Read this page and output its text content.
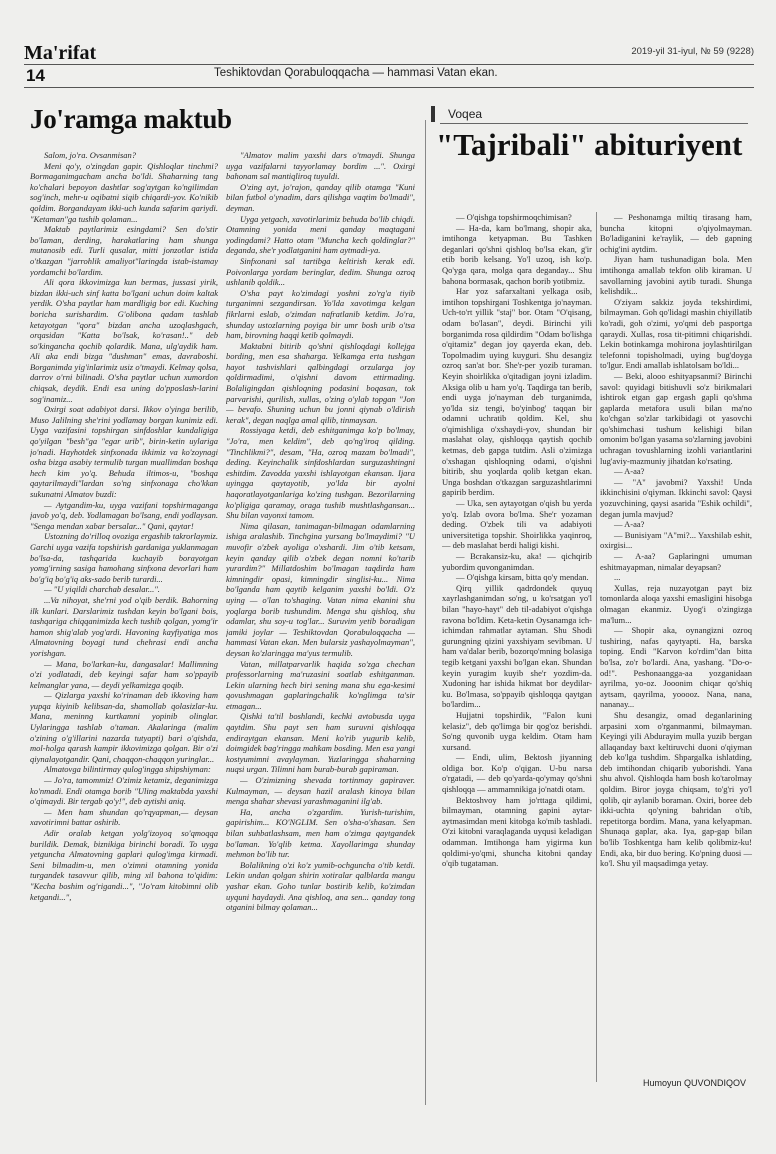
Ma'rifat	2019-yil 31-iyul, № 59 (9228)
14	Teshiktovdan Qorabuloqqacha — hammasi Vatan ekan.
Jo'ramga maktub	Voqea
"Tajribali" abituriyent

Salom, jo'ra. Ovsanmisan?

Meni qo'y, o'zingdan gapir. Qishloqlar tinchmi? Bormaganimgacham ancha bo'ldi. Shaharning tang ko'chalari bepoyon dashtlar sog'aytgan ko'ngilimdan sog'inch, mehr-u oqibatni siqib chiqardi-yov. Ko'nikib qoldim. Borgandayam ikki-uch kunda safarim qariydi. "Ketaman"ga tushib qolaman...

Maktab paytlarimiz esingdami? Sen do'stir bo'laman, derding, harakatlaring ham shunga mutanosib edi. Turli qusalar, mitti jonzotlar istida o'tkazgan "jarrohlik amaliyot"laringda istab-istamay yordamchi bo'lardim.

Ali qora ikkovimizga kun bermas, jussasi yirik, bizdan ikki-uch sinf katta bo'lgani uchun doim kaltak yerdik. O'sha paytlar ham mardligig bor edi. Kuching boricha surishardim. G'olibona qadam tashlab ketayotgan "qora" bizdan ancha uzoqlashgach, orqasidan "Katta bo'lsak, ko'rasan!.." deb so'kingancha qochib qolardik. Mana, ulg'aydik ham. Ali aka endi bizga "dushman" emas, davraboshi. Borganimda yig'inlarimiz usiz o'tmaydi. Kelmay qolsa, darrov o'rni bilinadi. O'sha paytlar uchun xumordon chiqsak, deydik. Endi esa uning do'pposlash-larini sog'inamiz...

Oxirgi soat adabiyot darsi. Ikkov o'yinga berilib, Muso Jalilning she'rini yodlamay borgan kunimiz edi. Uyga vazifasini topshirgan sinfdoshlar kundaligiga qo'yilgan "besh"ga "egar urib", birin-ketin uylariga jo'nadi. Hayhotdek sinfxonada ikkimiz va ko'zoynagi osha bizga asabiy termulib turgan muallimdan boshqa hech kim yo'q. Behuda iltimos-u, "boshqa qaytarilmaydi"lardan so'ng sinfxonaga cho'kkan sukunatni Almatov buzdi:

— Aytgandim-ku, uyga vazifani topshirmaganga javob yo'q, deb. Yodlamagan bo'lsang, endi yodlaysan. "Senga mendan xabar bersalar..." Qani, qaytar!

Ustozning do'rilloq ovoziga ergashib takrorlaymiz. Garchi uyga vazifa topshirish gardaniga yuklanmagan bo'lsa-da, tashqarida kuchayib borayotgan yomg'irning sasiga hamohang sinfxona devorlari ham bo'g'iq bo'g'iq aks-sado berib turardi...

— "U yiqildi charchab desalar...".

...Va nihoyat, she'rni yod o'qib berdik. Bahorning ilk kunlari. Darslarimiz tushdan keyin bo'lgani bois, tashqariga chiqqanimizda kech tushib qolgan, yomg'ir hamon shig'alab yog'ardi. Havoning kayfiyatiga mos Almatovning boyagi tund chehrasi endi ancha yorishgan.

— Mana, bo'larkan-ku, dangasalar! Mallimning o'zi yodlatadi, deb keyingi safar ham so'ppayib kelmanglar yana, — deydi yelkamizga qoqib.

— Qizlarga yaxshi ko'rinaman deb ikkoving ham yupqa kiyinib kelibsan-da, shamollab qolasizlar-ku. Mana, meninng kurtkamni yopinib olinglar. Uylaringga tashlab o'taman. Akalaringa (malim o'zining o'g'illarini nazarda tutyapti) bari o'qishda, mol-holga qarash kampir ikkovimizga qolgan. Bir o'zi qiynalayotgandir. Qani, chaqqon-chaqqon yuringlar...

Almatovga bilintirmay qulog'ingga shipshiyman:

— Jo'ra, tamommiz! O'zimiz ketamiz, deganimizga ko'nmadi. Endi otamga borib "Uling maktabda yaxshi o'qimaydi. Bir tergab qo'y!", deb aytishi aniq.

— Men ham shundan qo'rqyapman,— deysan xavotirimni battar oshirib.

Adir oralab ketgan yolg'izoyoq so'qmoqqa burildik. Demak, biznikiga birinchi boradi. To uyga yetguncha Almatovning gaplari qulog'imga kirmadi. Seni bilmadim-u, men o'zimni otamning yonida turgandek tasavvur qilib, ming xil bahona to'qidim: "Kecha boshim og'rigandi...", "Jo'ram kitobimni olib ketgandi...",

"Almatov malim yaxshi dars o'tmaydi. Shunga uyga vazifalarni tayyorlamay bordim ...". Oxirgi bahonam sal mantiqliroq tuyuldi.

O'zing ayt, jo'rajon, qanday qilib otamga "Kuni bilan futbol o'ynadim, dars qilishga vaqtim bo'lmadi", deyman.

Uyga yetgach, xavotirlarimiz behuda bo'lib chiqdi. Otamning yonida meni qanday maqtagani yodingdami? Hatto otam "Muncha kech qoldinglar?" deganda, she'r yodlatganini ham aytmadi-ya.

Sinfxonani sal tartibga keltirish kerak edi. Poivonlarga yordam beringlar, dedim. Shunga ozroq ushlanib qoldik...

O'sha payt ko'zimdagi yoshni zo'rg'a tiyib turganimni sezgandirsan. Yo'lda xavotimga kelgan fikrlarni eslab, o'zimdan nafratlanib ketdim. Jo'ra, shunday ustozlarning poyiga bir umr bosh urib o'tsa ham, birovning haqqi ketib qolmaydi.

Maktabni bitirib qo'shni qishloqdagi kollejga bording, men esa shaharga. Yelkamga erta tushgan hayot tashvishlari qalbingdagi orzularga joy qoldirmadimi, o'qishni davom ettirmading. Bolaligingdan qishloqning podasini boqasan, tok parvarishi, qurilish, xullas, o'zing o'ylab topgan "Jon — bevafo. Shuning uchun bu jonni qiynab o'ldirish kerak", degan naqlga amal qilib, tinmaysan.

Rossiyaga ketdi, deb eshitganimga ko'p bo'lmay, "Jo'ra, men keldim", deb qo'ng'iroq qilding. "Tinchlikmi?", desam, "Ha, ozroq mazam bo'lmadi", deding. Keyinchalik sinfdoshlardan surguzashtingni eshitdim. Zavodda yaxshi ishlayotgan ekansan. Ijara uyingga qaytayotib, yo'lda bir ayolni haqoratlayotganlariga ko'zing tushgan. Bezorilarning ko'pligiga qaramay, oraga tushib mushtlashgansan... Shu bilan vayonxi tamom.

Nima qilasan, tanimagan-bilmagan odamlarning ishiga aralashib. Tinchgina yursang bo'lmaydimi? "U muvofir o'zbek ayoliga o'xshardi. Jim o'tib ketsam, keyin qanday qilib o'zbek degan nomni ko'tarib yurardim?" Millatdoshim bo'lmagan taqdirda ham kimningdir opasi, kimningdir singlisi-ku... Nima bo'lganda ham qaytib kelganim yaxshi bo'ldi. O'z uying — o'lan to'shaging. Vatan nima ekanini shu yoqlarga borib tushundim. Menga shu qishloq, shu odamlar, shu soy-u tog'lar... Suruvim yetib boradigan jamiki joylar — Teshiktovdan Qorabuloqqacha — hammasi Vatan ekan. Men bularsiz yashayolmayman", deysan ko'zlaringga ma'yus termulib.

Vatan, millatparvarlik haqida so'zga chechan professorlarning ma'ruzasini soatlab eshitganman. Lekin ularning hech biri sening mana shu ega-kesimi qovushmagan gaplaringchalik ko'nglimga ta'sir etmagan...

Qishki ta'til boshlandi, kechki avtobusda uyga qaytdim. Shu payt sen ham suruvni qishloqqa endiraytgan ekansan. Meni ko'rib yugurib kelib, doimgidek bag'ringga mahkam bosding. Men esa yangi kostyumimni avaylayman. Yuzlaringga shaharning nuqsi urgan. Tilimni ham burab-burab gapiraman.

— O'zimizning shevada tortinmay gapiraver. Kulmayman, — deysan hazil aralash kinoya bilan menga shahar shevasi yarashmaganini ilg'ab.

Ha, ancha o'zgardim. Yurish-turishim, gapirishim... KO'NGLIM. Sen o'sha-o'shasan. Sen bilan suhbatlashsam, men ham o'zimga qaytgandek bo'laman. Yo'qlib ketma. Xayollarimga shunday mehmon bo'lib tur.

Bolalikning o'zi ko'z yumib-ochguncha o'tib ketdi. Lekin undan qolgan shirin xotiralar qalblarda mangu yashar ekan. Goho tunlar bostirib kelib, ko'zimdan uyquni haydaydi. Ana qishloq, ana sen... qanday tong otganini bilmay qolaman...

— O'qishga topshirmoqchimisan?

— Ha-da, kam bo'lmang, shopir aka, imtihonga ketyapman. Bu Tashken deganlari qo'shni qishloq bo'lsa ekan, g'ir etib borib kelsang. Yo'l uzoq, ish ko'p. Qo'yga qara, molga qara deganday... Shu bahona bormasak, qachon borib yotibmiz.

Har yoz safarxaltani yelkaga osib, imtihon topshirgani Toshkentga jo'nayman. Uch-to'rt yillik "staj" bor. Otam "O'qisang, odam bo'lasan", deydi. Birinchi yili borganimda rosa qildirdim "Odam bo'lishga o'qitamiz" degan joy qayerda ekan, deb. Topolmadim uying kuyguri. Shu desangiz ozroq san'at bor. She'r-per yozib turaman. Keyin shoirlikka o'qitadigan joyni izladim. Aksiga olib u ham yo'q. Taqdirga tan berib, endi uyga jo'nayman deb turganimda, yo'lda siz tengi, bo'yinbog' taqqan bir odamni uchratib qoldim. Kel, shu o'qimishliga o'xshaydi-yov, shundan bir maslahat olay, qishloqqa qaytish qochib ketmas, deb gapga tutdim. Asli o'zimizga o'xshagan qishloqning odami, o'qishni bitirib, shu yoqlarda qolib ketgan ekan. Unga boshdan o'tkazgan sarguzashtlarimni gapirib berdim.

— Uka, sen aytayotgan o'qish bu yerda yo'q. Izlab ovora bo'lma. She'r yozaman deding. O'zbek tili va adabiyoti universitetiga topshir. Shoirlikka yaqinroq, — deb maslahat berdi haligi kishi.

— Bcrakansiz-ku, aka! — qichqirib yubordim quvonganimdan.

— O'qishga kirsam, bitta qo'y mendan.

Qirq yillik qadrdondek quyuq xayrlashganimdan so'ng, u ko'rsatgan yo'l bilan "hayo-hayt" deb til-adabiyot o'qishga ravona bo'ldim. Keta-ketin Oysanamga ich-ichimdan rahmatlar aytaman. Shu Shodi gurungning qizini yaxshiyam sevibman. U ham va'dalar berib, bozorqo'mning bolasiga tegib ketgani yaxshi bo'lgan ekan. Shundan keyin yuragim kuyib she'r yozdim-da. Xudoning har ishida hikmat bor deydilar-ku. Bo'lmasa, so'ppayib qishloqqa qaytgan bo'lardim...

Hujjatni topshirdik, "Falon kuni kelasiz", deb qo'limga bir qog'oz berishdi. So'ng quvonib uyga keldim. Otam ham xursand.

— Endi, ulim, Bektosh jiyanning oldiga bor. Ko'p o'qigan. U-bu narsa o'rgatadi, — deb qo'yarda-qo'ymay qo'shni qishloqqa — ammamnikiga jo'natdi otam.

Bektoshvoy ham jo'rttaga qildimi, bilmayman, otamning gapini aytar-aytmasimdan meni kitobga ko'mib tashladi. O'zi kitobni varaqlaganda uyqusi keladigan odamman. Imtihonga ham yigirma kun qoldimi-yo'qmi, shuncha kitobni qanday o'qib tugataman.

— Peshonamga miltiq tirasang ham, buncha kitopni o'qiyolmayman. Bo'ladiganini ke'raylik, — deb gapning ochig'ini aytdim.

Jiyan ham tushunadigan bola. Men imtihonga amallab tekfon olib kiraman. U savollarning javobini aytib turadi. Shunga kelishdik...

O'ziyam sakkiz joyda tekshirdimi, bilmayman. Goh qo'lidagi mashin chiyillatib ko'radi, goh o'zimi, yo'qmi deb pasportga qaraydi. Xullas, rosa tit-pitimni chiqarishdi. Lekin botinkamga mohirona joylashtirilgan telefonni topisholmadi, uying bug'doyga to'lgur. Endi amallab ishlatolsam bo'ldi...

— Beki, alooo eshityapsanmi? Birinchi savol: quyidagi bitishuvli so'z birikmalari ishtirok etgan gap ergash gapli qo'shma gaplarda metafora usuli bilan ma'no ko'chgan so'zlar tarkibidagi ot yasovchi qo'shimchasi tushum kelishigi bilan omonim bo'lgan yasama so'zlarning javobini uchragan tovushlarning izohli variantlarini lug'aviy-mazmuniy jihatdan ko'rsating.

— A-aa?

— "A" javobmi? Yaxshi! Unda ikkinchisini o'qiyman. Ikkinchi savol: Qaysi yozuvchining, qaysi asarida "Eshik ochildi", degan jumla mavjud?

— A-aa?

— Bunisiyam "A"mi?... Yaxshilab eshit, oxirgisi...

— A-aa? Gaplaringni umuman eshitmayapman, nimalar deyapsan?

...

Xullas, reja nuzayotgan payt biz tomonlarda aloqa yaxshi emasligini hisobga olmagan ekanmiz. Uyog'i o'zingizga ma'lum...

— Shopir aka, oynangizni ozroq tushiring, nafas qaytyapti. Ha, barska toping. Endi "Karvon ko'rdim"dan bitta bo'lsa, zo'r bo'lardi. Ana, yashang. "Do-o-od!". Peshonaangga-aa yozganidaan ayrilma, yo-oz. Jooonim chiqar qo'shiq aytsam, qayrilma, yooooz. Nana, nana, nananay...

Shu desangiz, omad deganlarining arpasini xom o'rganmanmi, bilmayman. Keyingi yili Abdurayim mulla yuzib bergan allaqanday baxt keltiruvchi duoni o'qiyman deb ko'lga tushdim. Shpargalka ishlatding, deb imtihondan chiqarib yuborishdi. Yana shu ahvol. Qishloqda ham bosh ko'tarolmay qoldim. Biror joyga chiqsam, to'g'ri yo'l qolib, qir aylanib boraman. Oxiri, boree deb ikki-uchta qo'yning bahridan o'tib, repetitorga bordim. Mana, yana kelyapman. Shunaqa gaplar, aka. Iya, gap-gap bilan bo'lib Toshkentga ham kelib qolibmiz-ku! Endi, aka, bir duo bering. Ko'pning duosi — ko'l. Shu yil maqsadimga yetay.

Humoyun QUVONDIQOV
